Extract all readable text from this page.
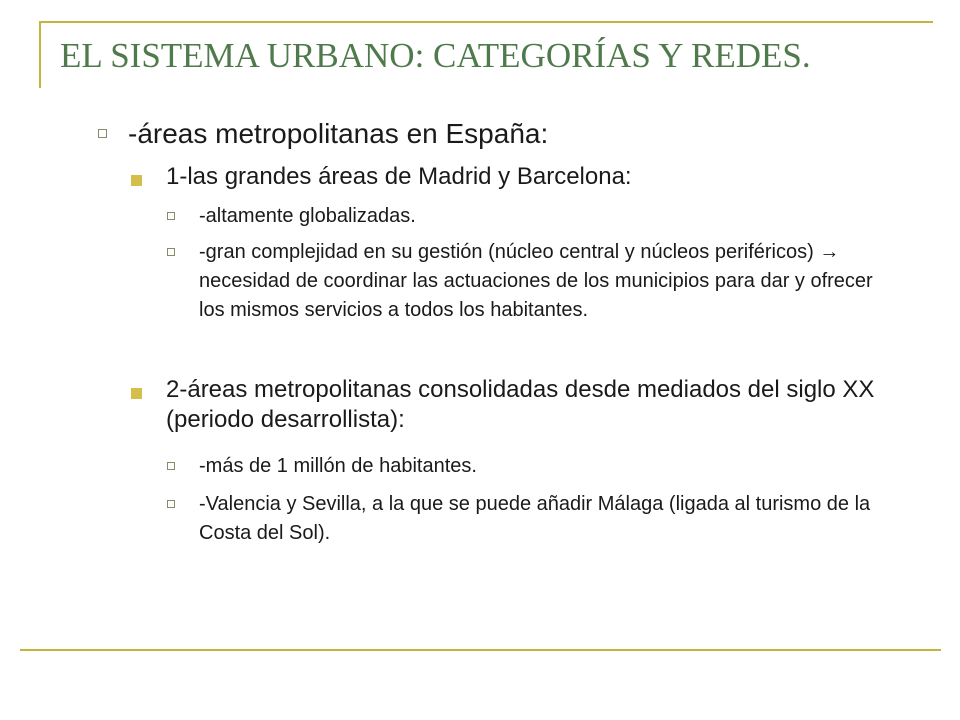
EL SISTEMA URBANO: CATEGORÍAS Y REDES.
-áreas metropolitanas en España:
1-las grandes áreas de Madrid y Barcelona:
-altamente globalizadas.
-gran complejidad en su gestión (núcleo central y núcleos periféricos) → necesidad de coordinar las actuaciones de los municipios para dar y ofrecer los mismos servicios a todos los habitantes.
2-áreas metropolitanas consolidadas desde mediados del siglo XX (periodo desarrollista):
-más de 1 millón de habitantes.
-Valencia y Sevilla, a la que se puede añadir Málaga (ligada al turismo de la Costa del Sol).
